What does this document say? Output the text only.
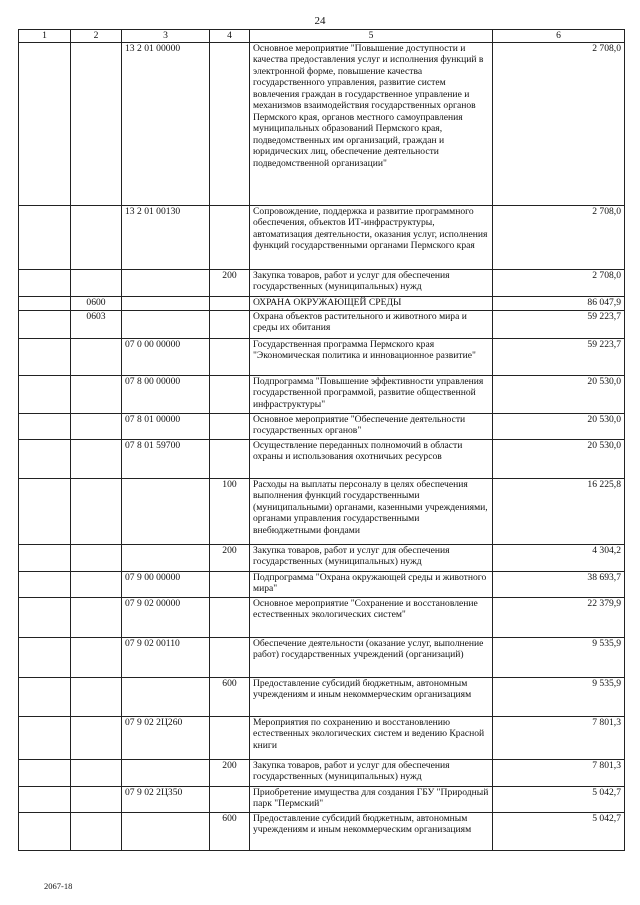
24
1	2	3	4	5	6
		13 2 01 00000		Основное мероприятие "Повышение доступности и качества предоставления услуг и исполнения функций в электронной форме, повышение качества государственного управления, развитие систем вовлечения граждан в государственное управление и механизмов взаимодействия государственных органов Пермского края, органов местного самоуправления муниципальных образований Пермского края, подведомственных им организаций, граждан и юридических лиц, обеспечение деятельности подведомственной организации"	2 708,0
		13 2 01 00130		Сопровождение, поддержка и развитие программного обеспечения, объектов ИТ-инфраструктуры, автоматизация деятельности, оказания услуг, исполнения функций государственными органами Пермского края	2 708,0
			200	Закупка товаров, работ и услуг для обеспечения государственных (муниципальных) нужд	2 708,0
	0600			ОХРАНА ОКРУЖАЮЩЕЙ СРЕДЫ	86 047,9
	0603			Охрана объектов растительного и животного мира и среды их обитания	59 223,7
		07 0 00 00000		Государственная программа Пермского края "Экономическая политика и инновационное развитие"	59 223,7
		07 8 00 00000		Подпрограмма "Повышение эффективности управления государственной программой, развитие общественной инфраструктуры"	20 530,0
		07 8 01 00000		Основное мероприятие "Обеспечение деятельности государственных органов"	20 530,0
		07 8 01 59700		Осуществление переданных полномочий в области охраны и использования охотничьих ресурсов	20 530,0
			100	Расходы на выплаты персоналу в целях обеспечения выполнения функций государственными (муниципальными) органами, казенными учреждениями, органами управления государственными внебюджетными фондами	16 225,8
			200	Закупка товаров, работ и услуг для обеспечения государственных (муниципальных) нужд	4 304,2
		07 9 00 00000		Подпрограмма "Охрана окружающей среды и животного мира"	38 693,7
		07 9 02 00000		Основное мероприятие "Сохранение и восстановление естественных экологических систем"	22 379,9
		07 9 02 00110		Обеспечение деятельности (оказание услуг, выполнение работ) государственных учреждений (организаций)	9 535,9
			600	Предоставление субсидий бюджетным, автономным учреждениям и иным некоммерческим организациям	9 535,9
		07 9 02 2Ц260		Мероприятия по сохранению и восстановлению естественных экологических систем и ведению Красной книги	7 801,3
			200	Закупка товаров, работ и услуг для обеспечения государственных (муниципальных) нужд	7 801,3
		07 9 02 2Ц350		Приобретение имущества для создания ГБУ "Природный парк "Пермский"	5 042,7
			600	Предоставление субсидий бюджетным, автономным учреждениям и иным некоммерческим организациям	5 042,7
2067-18
